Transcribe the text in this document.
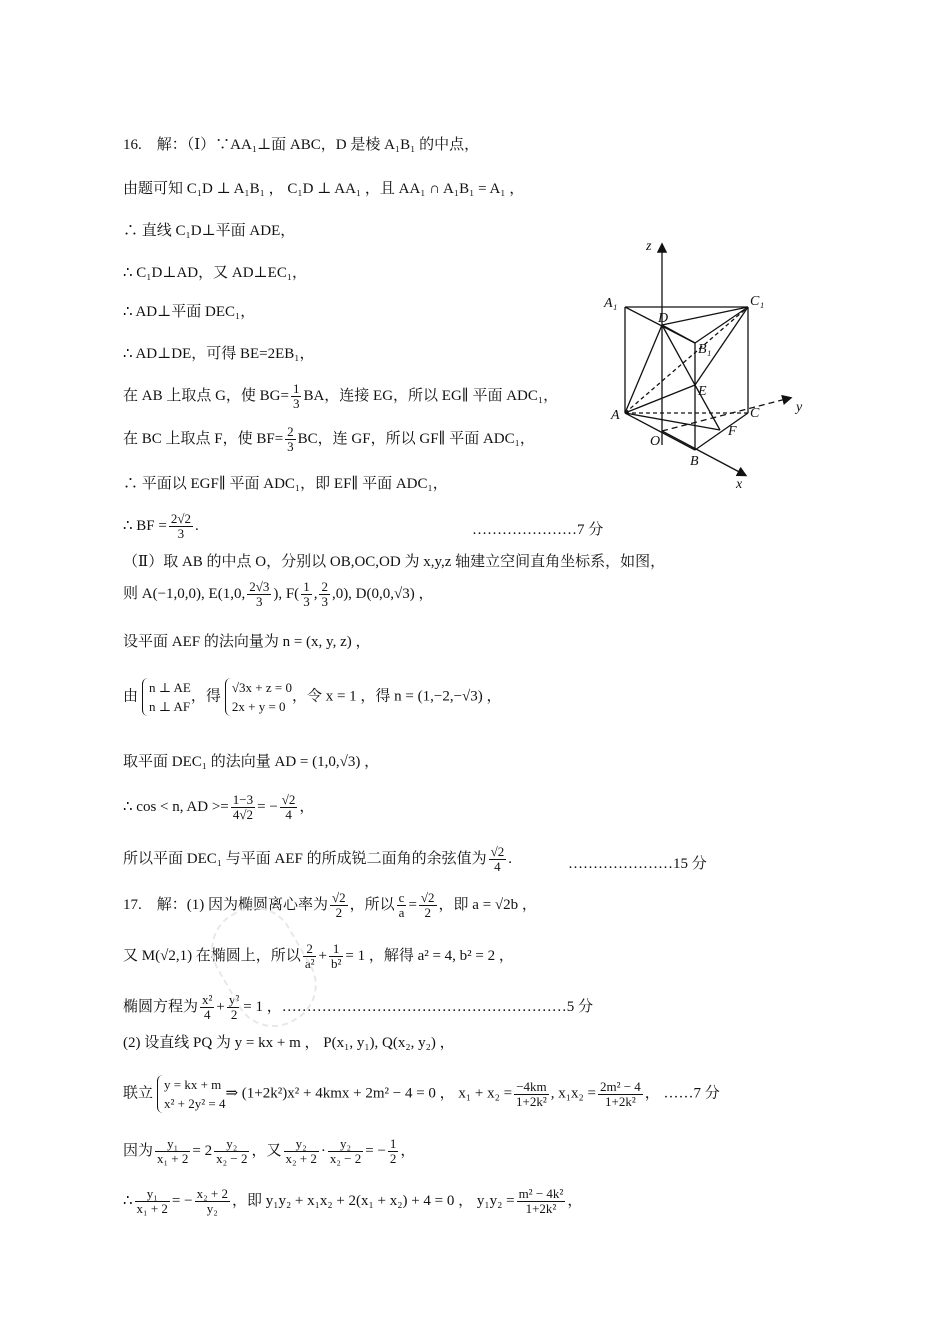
16.　解：（Ⅰ）∵AA₁⊥面 ABC，D 是棱 A₁B₁ 的中点，
由题可知 C₁D ⊥ A₁B₁ ， C₁D ⊥ AA₁ ，且 AA₁ ∩ A₁B₁ = A₁ ，
∴ 直线 C₁D⊥平面 ADE，
∴ C₁D⊥AD，又 AD⊥EC₁，
∴ AD⊥平面 DEC₁，
∴ AD⊥DE，可得 BE=2EB₁，
在 AB 上取点 G，使 $BG= \frac{1}{3}$ BA，连接 EG，所以 EG∥ 平面 ADC₁，
在 BC 上取点 F，使 $BF= \frac{2}{3}$ BC，连 GF，所以 GF∥ 平面 ADC₁，
∴ 平面以 EGF∥ 平面 ADC₁，即 EF∥ 平面 ADC₁，
∴ BF = $\frac{2√2}{3}$ .	…………………7 分
（Ⅱ）取 AB 的中点 O，分别以 OB,OC,OD 为 x,y,z 轴建立空间直角坐标系，如图，
则 A(−1,0,0), E(1,0, $\frac{2√3}{3}$ ), $F( \frac{1}{3}$ , $\frac{2}{3} ,0$), D(0,0,√3) ，
设平面 AEF 的法向量为 n = (x, y, z) ，
由n ⊥ AE
n ⊥ AF，得√3x + z = 0
2x + y = 0，令 x = 1 ，得 n = (1,−2,−√3) ，
取平面 DEC₁ 的法向量 AD = (1,0,√3) ，
∴ cos < n, AD >= $\frac{1-3}{4√2}$ = − $\frac{√2}{4}$ ，
所以平面 DEC₁ 与平面 AEF 的所成锐二面角的余弦值为 $\frac{√2}{4}$ .	…………………15 分
17.　解：(1) 因为椭圆离心率为 $\frac{√2}{2}$ ，所以 $\frac{c}{a} = \frac{√2}{2}$ ，即 a = √2b ，
又 M(√2,1) 在椭圆上，所以 $\frac{2}{\text{a²}} + \frac{1}{\text{b²}} = 1$ ，解得 a² = 4, b² = 2 ，
椭圆方程为 $\frac{\text{x²}}{4} + \frac{\text{y²}}{2} = 1$ ，…………………………………………………5 分
(2) 设直线 PQ 为 y = kx + m ， P(x₁, y₁), Q(x₂, y₂) ，
联立y = kx + m
x² + 2y² = 4⇒ (1+2k²)x² + 4kmx + 2m² − 4 = 0 ， $x_1 + x_2 = \frac{-4km}{\text{1+2k²}}$ , $x_1x_2 = \frac{\text{2m² − 4}}{\text{1+2k²}}$ ， ……7 分
因为 $\frac{\text{y₁}}{\text{x₁ + 2}} = 2 \frac{\text{y₂}}{\text{x₂ − 2}}$ ，又 $\frac{\text{y₂}}{\text{x₂ + 2}} \cdot \frac{\text{y₂}}{\text{x₂ − 2}}$ = − $\frac{1}{2}$ ，
∴ $\frac{\text{y₁}}{\text{x₁ + 2}}$ = − $\frac{\text{x₂ + 2}}{\text{y₂}}$ ，即 y₁y₂ + x₁x₂ + 2(x₁ + x₂) + 4 = 0 ， $y_1y_2 = \frac{\text{m² − 4k²}}{\text{1+2k²}}$ ，
z
y
x
A₁	C₁
D
B₁
E
A	C
F
O
B
